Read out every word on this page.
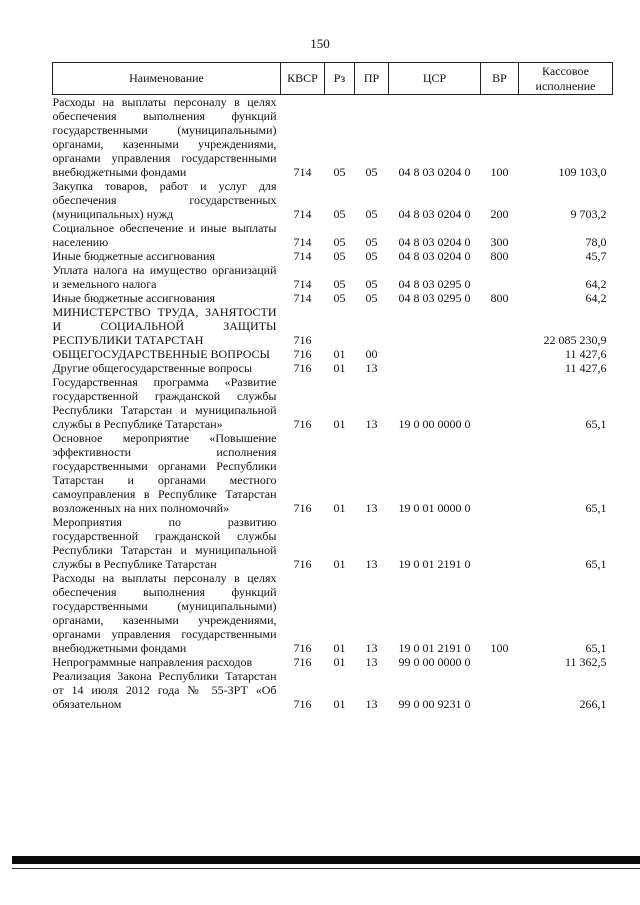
150
Наименование	КВСР	Рз	ПР	ЦСР	ВР	Кассовое исполнение
Расходы на выплаты персоналу в целях обеспечения выполнения функций государственными (муниципальными) органами, казенными учреждениями, органами управления государственными внебюджетными фондами	714	05	05	04 8 03 0204 0	100	109 103,0
Закупка товаров, работ и услуг для обеспечения государственных (муниципальных) нужд	714	05	05	04 8 03 0204 0	200	9 703,2
Социальное обеспечение и иные выплаты населению	714	05	05	04 8 03 0204 0	300	78,0
Иные бюджетные ассигнования	714	05	05	04 8 03 0204 0	800	45,7
Уплата налога на имущество организаций и земельного налога	714	05	05	04 8 03 0295 0		64,2
Иные бюджетные ассигнования	714	05	05	04 8 03 0295 0	800	64,2
МИНИСТЕРСТВО ТРУДА, ЗАНЯТОСТИ И СОЦИАЛЬНОЙ ЗАЩИТЫ РЕСПУБЛИКИ ТАТАРСТАН	716					22 085 230,9
ОБЩЕГОСУДАРСТВЕННЫЕ ВОПРОСЫ	716	01	00			11 427,6
Другие общегосударственные вопросы	716	01	13			11 427,6
Государственная программа «Развитие государственной гражданской службы Республики Татарстан и муниципальной службы в Республике Татарстан»	716	01	13	19 0 00 0000 0		65,1
Основное мероприятие «Повышение эффективности исполнения государственными органами Республики Татарстан и органами местного самоуправления в Республике Татарстан возложенных на них полномочий»	716	01	13	19 0 01 0000 0		65,1
Мероприятия по развитию государственной гражданской службы Республики Татарстан и муниципальной службы в Республике Татарстан	716	01	13	19 0 01 2191 0		65,1
Расходы на выплаты персоналу в целях обеспечения выполнения функций государственными (муниципальными) органами, казенными учреждениями, органами управления государственными внебюджетными фондами	716	01	13	19 0 01 2191 0	100	65,1
Непрограммные направления расходов	716	01	13	99 0 00 0000 0		11 362,5
Реализация Закона Республики Татарстан от 14 июля 2012 года № 55-ЗРТ «Об обязательном	716	01	13	99 0 00 9231 0		266,1
